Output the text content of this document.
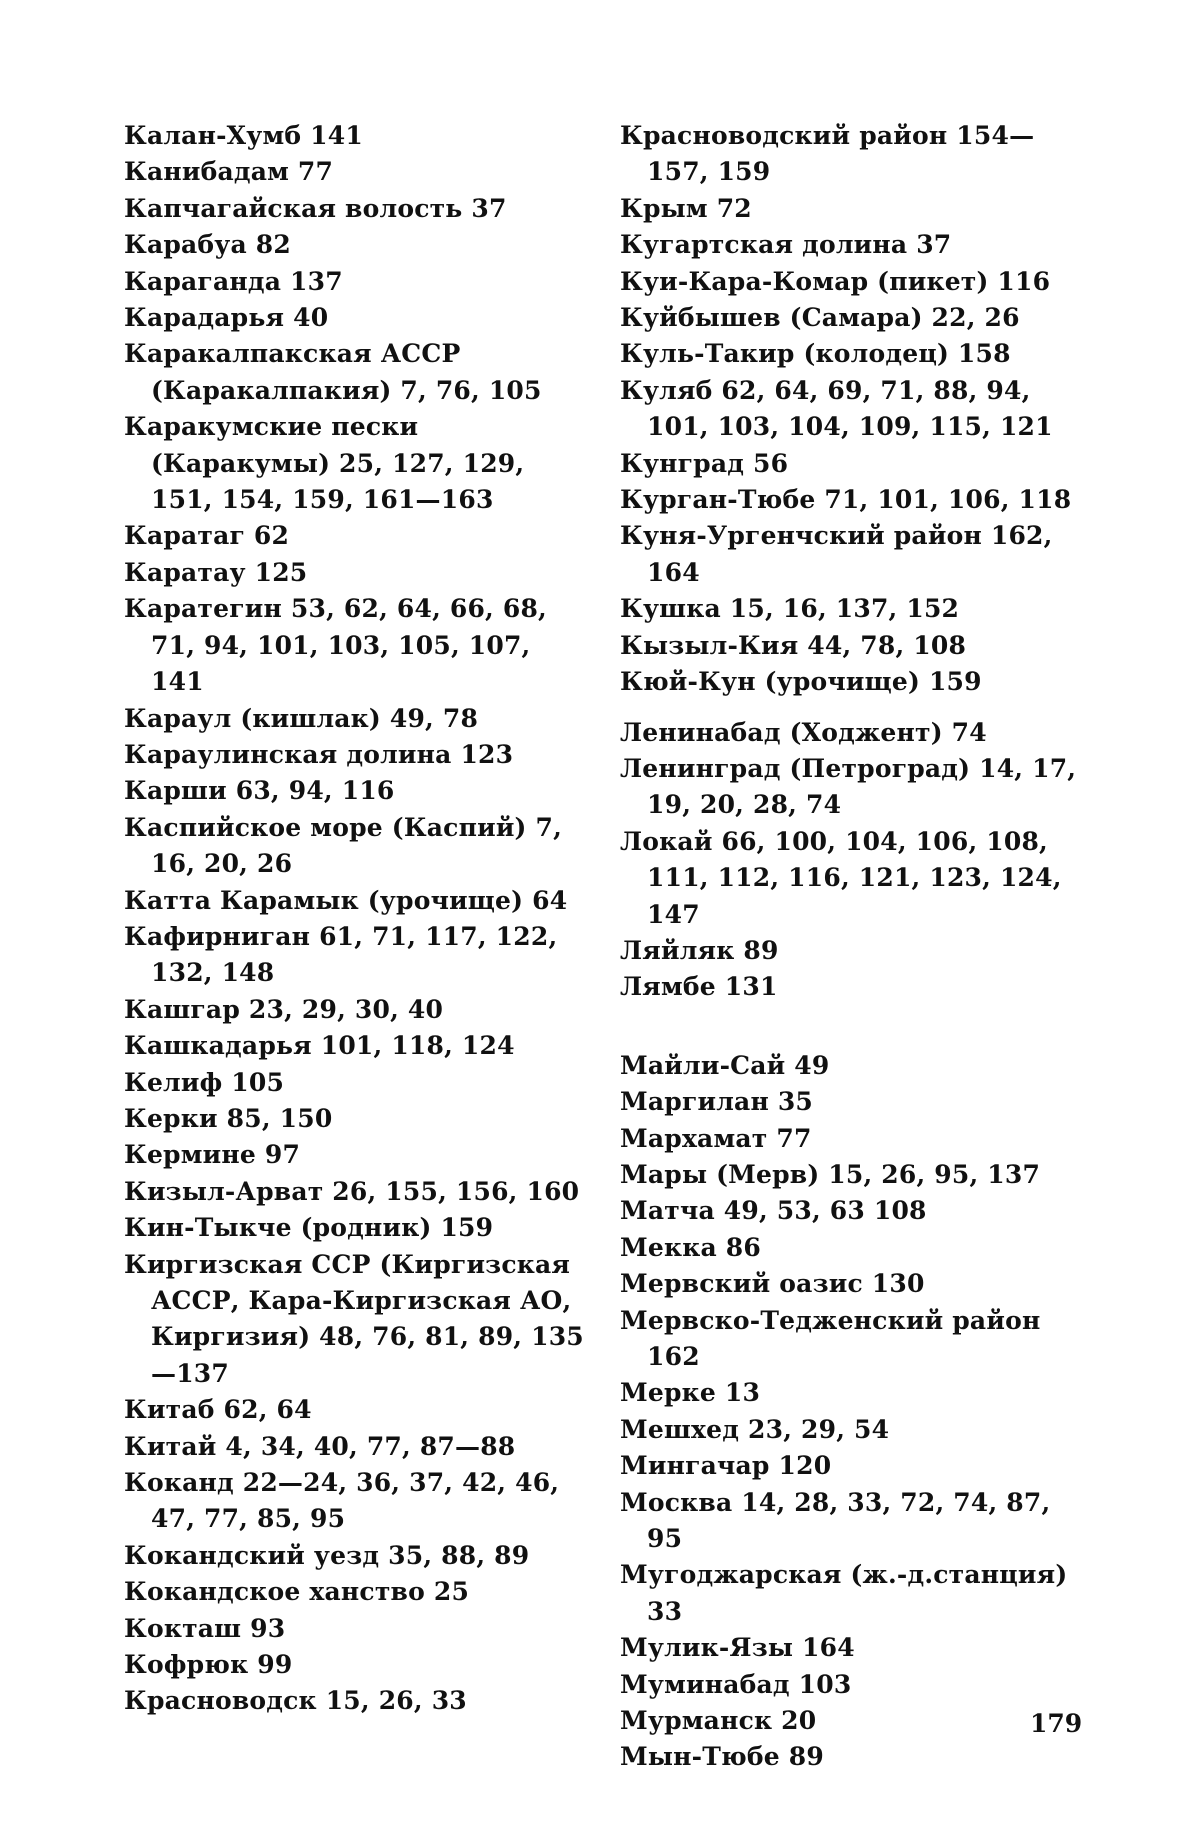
Калан-Хумб 141
Канибадам 77
Капчагайская волость 37
Карабуа 82
Караганда 137
Карадарья 40
Каракалпакская АССР (Каракалпакия) 7, 76, 105
Каракумские пески (Каракумы) 25, 127, 129, 151, 154, 159, 161—163
Каратаг 62
Каратау 125
Каратегин 53, 62, 64, 66, 68, 71, 94, 101, 103, 105, 107, 141
Караул (кишлак) 49, 78
Караулинская долина 123
Карши 63, 94, 116
Каспийское море (Каспий) 7, 16, 20, 26
Катта Карамык (урочище) 64
Кафирниган 61, 71, 117, 122, 132, 148
Кашгар 23, 29, 30, 40
Кашкадарья 101, 118, 124
Келиф 105
Керки 85, 150
Кермине 97
Кизыл-Арват 26, 155, 156, 160
Кин-Тыкче (родник) 159
Киргизская ССР (Киргизская АССР, Кара-Киргизская АО, Киргизия) 48, 76, 81, 89, 135—137
Китаб 62, 64
Китай 4, 34, 40, 77, 87—88
Коканд 22—24, 36, 37, 42, 46, 47, 77, 85, 95
Кокандский уезд 35, 88, 89
Кокандское ханство 25
Кокташ 93
Кофрюк 99
Красноводск 15, 26, 33
Красноводский район 154—157, 159
Крым 72
Кугартская долина 37
Куи-Кара-Комар (пикет) 116
Куйбышев (Самара) 22, 26
Куль-Такир (колодец) 158
Куляб 62, 64, 69, 71, 88, 94, 101, 103, 104, 109, 115, 121
Кунград 56
Курган-Тюбе 71, 101, 106, 118
Куня-Ургенчский район 162, 164
Кушка 15, 16, 137, 152
Кызыл-Кия 44, 78, 108
Кюй-Кун (урочище) 159
Ленинабад (Ходжент) 74
Ленинград (Петроград) 14, 17, 19, 20, 28, 74
Локай 66, 100, 104, 106, 108, 111, 112, 116, 121, 123, 124, 147
Ляйляк 89
Лямбе 131
Майли-Сай 49
Маргилан 35
Мархамат 77
Мары (Мерв) 15, 26, 95, 137
Матча 49, 53, 63 108
Мекка 86
Мервский оазис 130
Мервско-Тедженский район 162
Мерке 13
Мешхед 23, 29, 54
Мингачар 120
Москва 14, 28, 33, 72, 74, 87, 95
Мугоджарская (ж.-д.станция) 33
Мулик-Язы 164
Муминабад 103
Мурманск 20
Мын-Тюбе 89
179
